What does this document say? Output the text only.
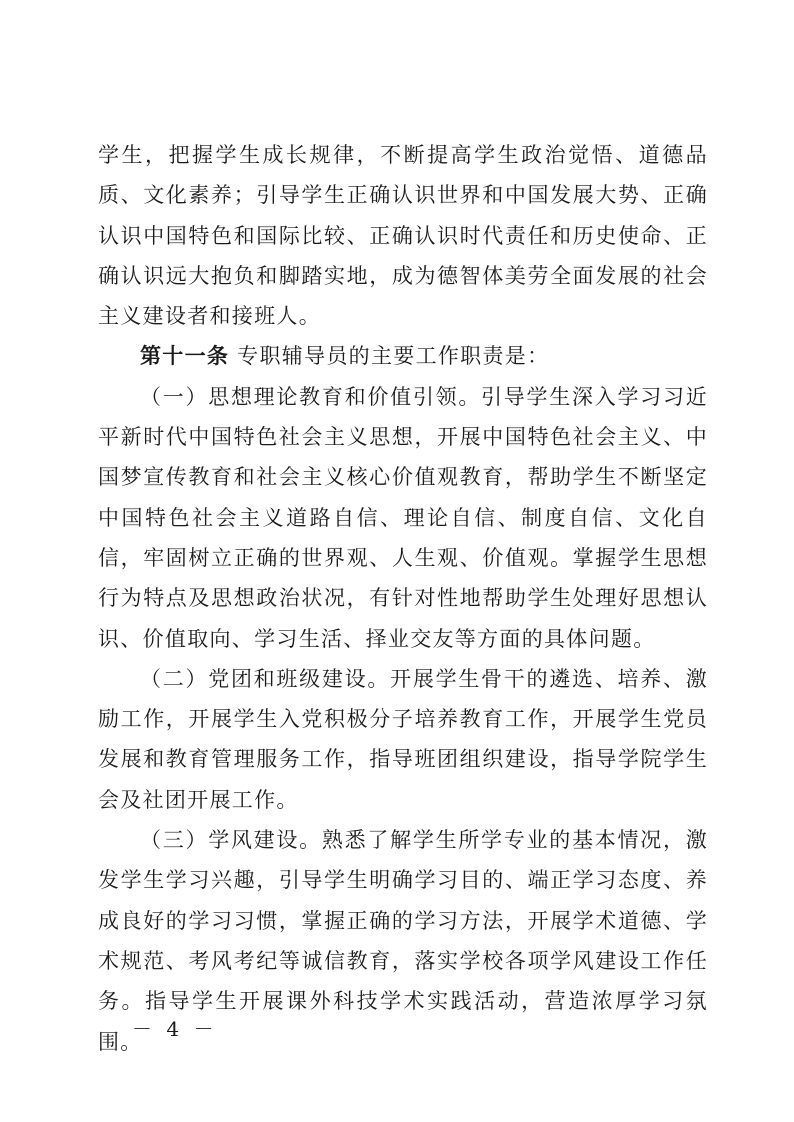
学生，把握学生成长规律，不断提高学生政治觉悟、道德品质、文化素养；引导学生正确认识世界和中国发展大势、正确认识中国特色和国际比较、正确认识时代责任和历史使命、正确认识远大抱负和脚踏实地，成为德智体美劳全面发展的社会主义建设者和接班人。

第十一条 专职辅导员的主要工作职责是：

（一）思想理论教育和价值引领。引导学生深入学习习近平新时代中国特色社会主义思想，开展中国特色社会主义、中国梦宣传教育和社会主义核心价值观教育，帮助学生不断坚定中国特色社会主义道路自信、理论自信、制度自信、文化自信，牢固树立正确的世界观、人生观、价值观。掌握学生思想行为特点及思想政治状况，有针对性地帮助学生处理好思想认识、价值取向、学习生活、择业交友等方面的具体问题。

（二）党团和班级建设。开展学生骨干的遴选、培养、激励工作，开展学生入党积极分子培养教育工作，开展学生党员发展和教育管理服务工作，指导班团组织建设，指导学院学生会及社团开展工作。

（三）学风建设。熟悉了解学生所学专业的基本情况，激发学生学习兴趣，引导学生明确学习目的、端正学习态度、养成良好的学习习惯，掌握正确的学习方法，开展学术道德、学术规范、考风考纪等诚信教育，落实学校各项学风建设工作任务。指导学生开展课外科技学术实践活动，营造浓厚学习氛围。

－ 4 －
